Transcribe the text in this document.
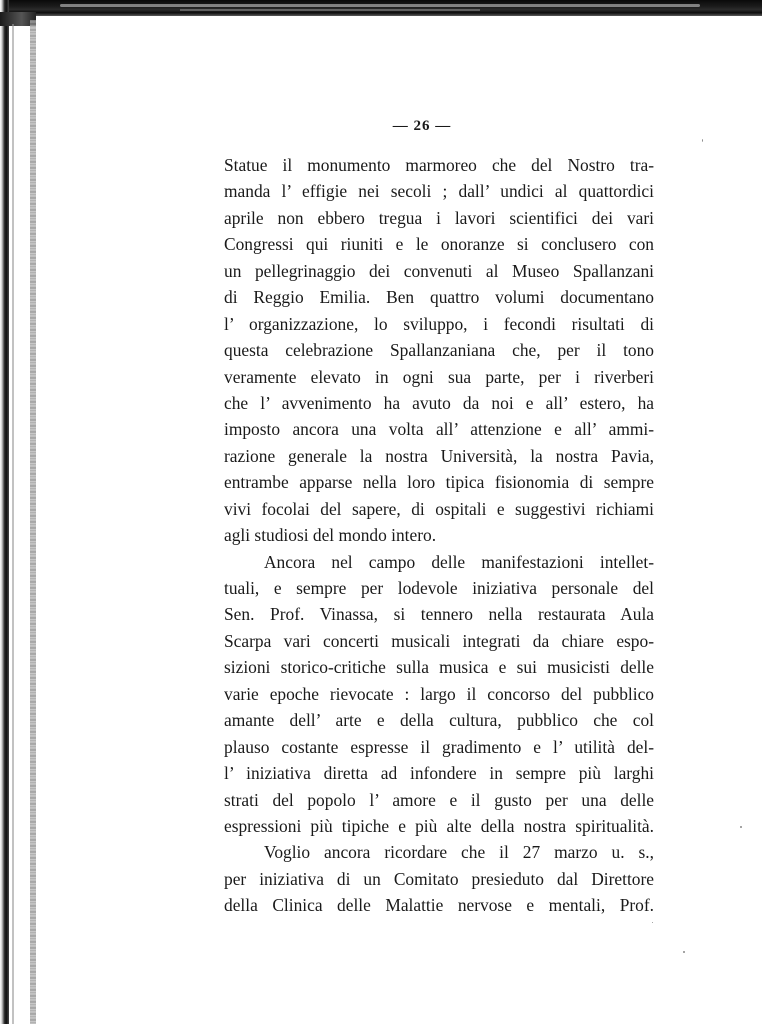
— 26 —
Statue il monumento marmoreo che del Nostro tra-
manda l’ effigie nei secoli ; dall’ undici al quattordici
aprile non ebbero tregua i lavori scientifici dei vari
Congressi qui riuniti e le onoranze si conclusero con
un pellegrinaggio dei convenuti al Museo Spallanzani
di Reggio Emilia. Ben quattro volumi documentano
l’ organizzazione, lo sviluppo, i fecondi risultati di
questa celebrazione Spallanzaniana che, per il tono
veramente elevato in ogni sua parte, per i riverberi
che l’ avvenimento ha avuto da noi e all’ estero, ha
imposto ancora una volta all’ attenzione e all’ ammi-
razione generale la nostra Università, la nostra Pavia,
entrambe apparse nella loro tipica fisionomia di sempre
vivi focolai del sapere, di ospitali e suggestivi richiami
agli studiosi del mondo intero.
Ancora nel campo delle manifestazioni intellet-
tuali, e sempre per lodevole iniziativa personale del
Sen. Prof. Vinassa, si tennero nella restaurata Aula
Scarpa vari concerti musicali integrati da chiare espo-
sizioni storico-critiche sulla musica e sui musicisti delle
varie epoche rievocate : largo il concorso del pubblico
amante dell’ arte e della cultura, pubblico che col
plauso costante espresse il gradimento e l’ utilità del-
l’ iniziativa diretta ad infondere in sempre più larghi
strati del popolo l’ amore e il gusto per una delle
espressioni più tipiche e più alte della nostra spiritualità.
Voglio ancora ricordare che il 27 marzo u. s.,
per iniziativa di un Comitato presieduto dal Direttore
della Clinica delle Malattie nervose e mentali, Prof.
